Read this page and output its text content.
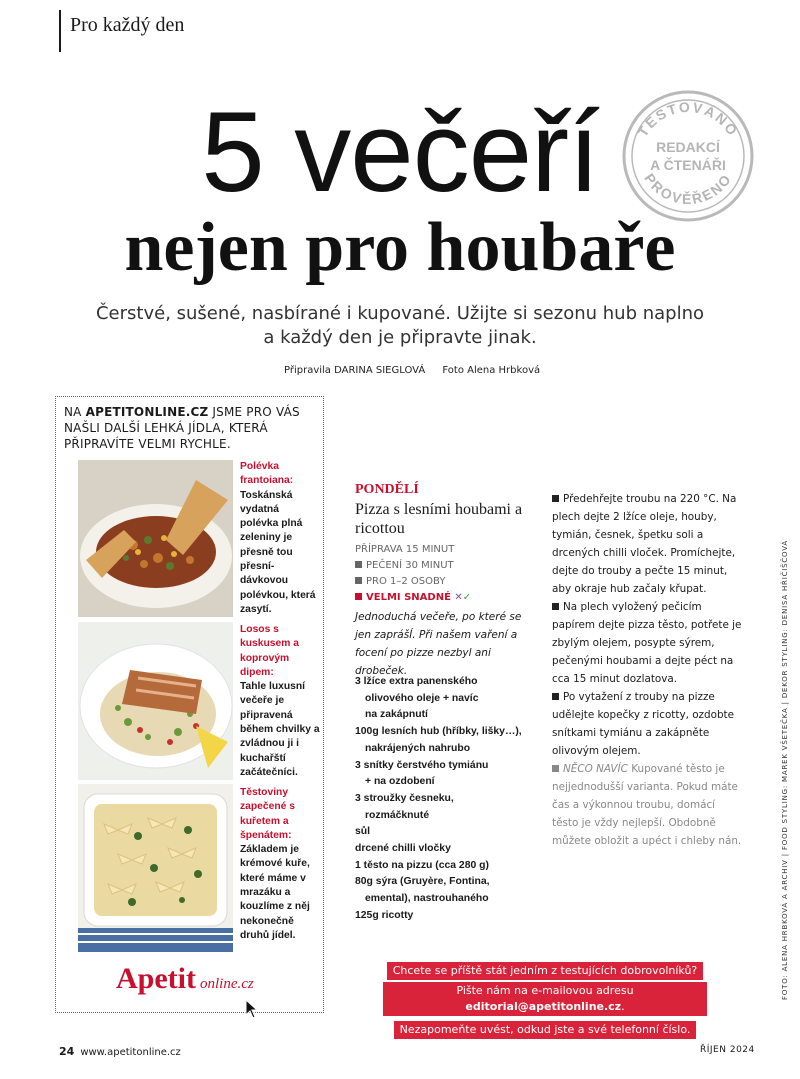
Pro každý den
TESTOVÁNO
REDAKCÍ
A ČTENÁŘI
PROVĚŘENO
5 večeří
nejen pro houbaře
Čerstvé, sušené, nasbírané i kupované. Užijte si sezonu hub naplno
a každý den je připravte jinak.
Připravila DARINA SIEGLOVÁ Foto Alena Hrbková
NA APETITONLINE.CZ JSME PRO VÁS NAŠLI DALŠÍ LEHKÁ JÍDLA, KTERÁ PŘIPRAVÍTE VELMI RYCHLE.
Polévka frantoiana:
Toskánská vydatná polévka plná zeleniny je přesně tou přesní-dávkovou polévkou, která zasytí.
Losos s kuskusem a koprovým dipem:
Tahle luxusní večeře je připravená během chvilky a zvládnou ji i kuchařští začátečníci.
Těstoviny zapečené s kuřetem a špenátem:
Základem je krémové kuře, které máme v mrazáku a kouzlíme z něj nekonečně druhů jídel.
Apetit online.cz
PONDĚLÍ
Pizza s lesními houbami a ricottou
PŘÍPRAVA 15 MINUT
PEČENÍ 30 MINUT
PRO 1–2 OSOBY
VELMI SNADNÉ ✕✓
Jednoduchá večeře, po které se jen zaprášÍ. Při našem vaření a focení po pizze nezbyl ani drobeček.
3 lžíce extra panenského
olivového oleje + navíc
na zakápnutí
100g lesních hub (hříbky, lišky…),
nakrájených nahrubo
3 snítky čerstvého tymiánu
+ na ozdobení
3 stroužky česneku,
rozmáčknuté
sůl
drcené chilli vločky
1 těsto na pizzu (cca 280 g)
80g sýra (Gruyère, Fontina,
emental), nastrouhaného
125g ricotty

Předehřejte troubu na 220 °C. Na plech dejte 2 lžíce oleje, houby, tymián, česnek, špetku soli a drcených chilli vloček. Promíchejte, dejte do trouby a pečte 15 minut, aby okraje hub začaly křupat.

Na plech vyložený pečicím papírem dejte pizza těsto, potřete je zbylým olejem, posypte sýrem, pečenými houbami a dejte péct na cca 15 minut dozlatova.

Po vytažení z trouby na pizze udělejte kopečky z ricotty, ozdobte snítkami tymiánu a zakápněte olivovým olejem.

NĚCO NAVÍC Kupované těsto je nejjednodušší varianta. Pokud máte čas a výkonnou troubu, domácí těsto je vždy nejlepší. Obdobně můžete obložit a upéct i chleby nán.	FOTO: ALENA HRBKOVÁ A ARCHIV | FOOD STYLING: MAREK VŠETEČKA | DEKOR STYLING: DENISA HŘIČIŠČOVÁ
Chcete se příště stát jedním z testujících dobrovolníků?
Pište nám na e-mailovou adresu editorial@apetitonline.cz.
Nezapomeňte uvést, odkud jste a své telefonní číslo.
24 www.apetitonline.cz	ŘÍJEN 2024
